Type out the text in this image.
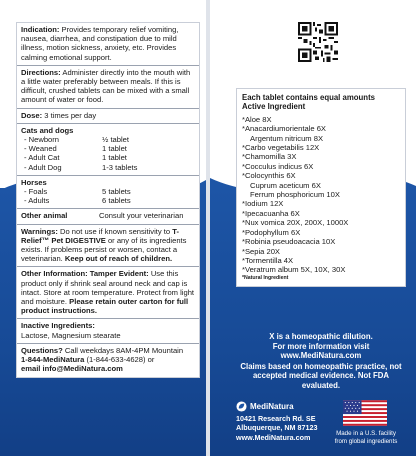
Indication: Provides temporary relief vomiting, nausea, diarrhea, and constipation due to mild illness, motion sickness, anxiety, etc. Provides calming emotional support.
Directions: Administer directly into the mouth with a little water preferably between meals. If this is difficult, crushed tablets can be mixed with a small amount of water or food.
Dose: 3 times per day
Cats and dogs
- Newborn	½ tablet
- Weaned	1 tablet
- Adult Cat	1 tablet
- Adult Dog	1-3 tablets
Horses
- Foals	5 tablets
- Adults	6 tablets
Other animal	Consult your veterinarian
Warnings: Do not use if known sensitivity to T-Relief™ Pet DIGESTIVE or any of its ingredients exists. If problems persist or worsen, contact a veterinarian. Keep out of reach of children.
Other Information: Tamper Evident: Use this product only if shrink seal around neck and cap is intact. Store at room temperature. Protect from light and moisture. Please retain outer carton for full product instructions.
Inactive Ingredients:
Lactose, Magnesium stearate
Questions? Call weekdays 8AM-4PM Mountain
1-844-MediNatura (1-844-633-4628) or
email info@MediNatura.com
Each tablet contains equal amounts
Active Ingredient
*Aloe 8X
*Anacardiumorientale 6X
Argentum nitricum 8X
*Carbo vegetabilis 12X
*Chamomilla 3X
*Cocculus indicus 6X
*Colocynthis 6X
Cuprum aceticum 6X
Ferrum phosphoricum 10X
*Iodium 12X
*Ipecacuanha 6X
*Nux vomica 20X, 200X, 1000X
*Podophyllum 6X
*Robinia pseudoacacia 10X
*Sepia 20X
*Tormentilla 4X
*Veratrum album 5X, 10X, 30X
*Natural Ingredient
X is a homeopathic dilution.
For more information visit www.MediNatura.com
Claims based on homeopathic practice, not accepted medical evidence. Not FDA evaluated.
MediNatura
10421 Research Rd. SE
Albuquerque, NM 87123
www.MediNatura.com	Made in a U.S. facility from global ingredients
